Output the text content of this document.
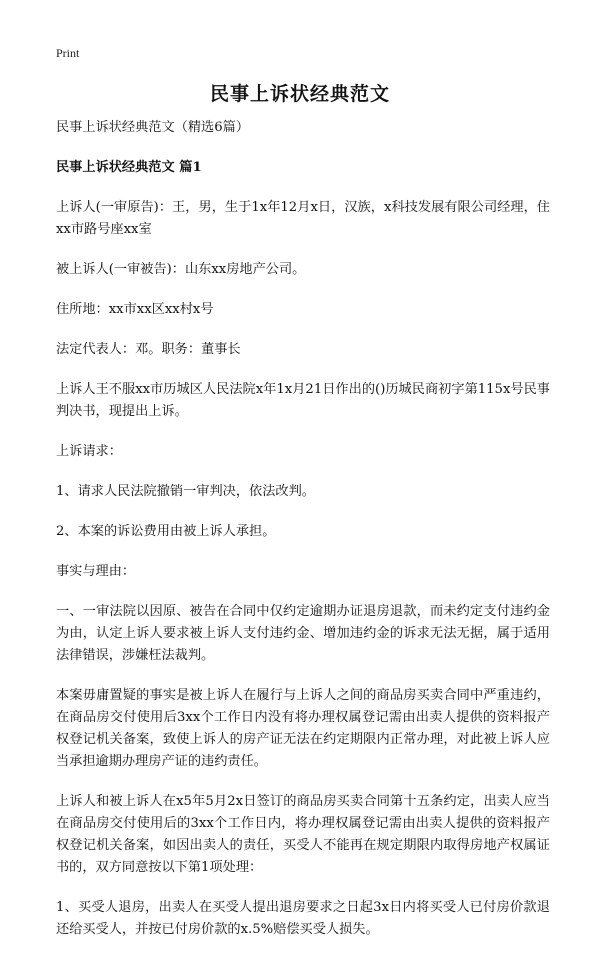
Print
民事上诉状经典范文

民事上诉状经典范文（精选6篇）

民事上诉状经典范文 篇1

上诉人(一审原告)：王，男，生于1x年12月x日，汉族，x科技发展有限公司经理，住xx市路号座xx室

被上诉人(一审被告)：山东xx房地产公司。

住所地：xx市xx区xx村x号

法定代表人：邓。职务：董事长

上诉人王不服xx市历城区人民法院x年1x月21日作出的()历城民商初字第115x号民事判决书，现提出上诉。

上诉请求：

1、请求人民法院撤销一审判决，依法改判。

2、本案的诉讼费用由被上诉人承担。

事实与理由：

一、一审法院以因原、被告在合同中仅约定逾期办证退房退款，而未约定支付违约金为由，认定上诉人要求被上诉人支付违约金、增加违约金的诉求无法无据，属于适用法律错误，涉嫌枉法裁判。

本案毋庸置疑的事实是被上诉人在履行与上诉人之间的商品房买卖合同中严重违约，在商品房交付使用后3xx个工作日内没有将办理权属登记需由出卖人提供的资料报产权登记机关备案，致使上诉人的房产证无法在约定期限内正常办理，对此被上诉人应当承担逾期办理房产证的违约责任。

上诉人和被上诉人在x5年5月2x日签订的商品房买卖合同第十五条约定，出卖人应当在商品房交付使用后的3xx个工作日内，将办理权属登记需由出卖人提供的资料报产权登记机关备案，如因出卖人的责任，买受人不能再在规定期限内取得房地产权属证书的，双方同意按以下第1项处理：

1、买受人退房，出卖人在买受人提出退房要求之日起3x日内将买受人已付房价款退还给买受人，并按已付房价款的x.5%赔偿买受人损失。
